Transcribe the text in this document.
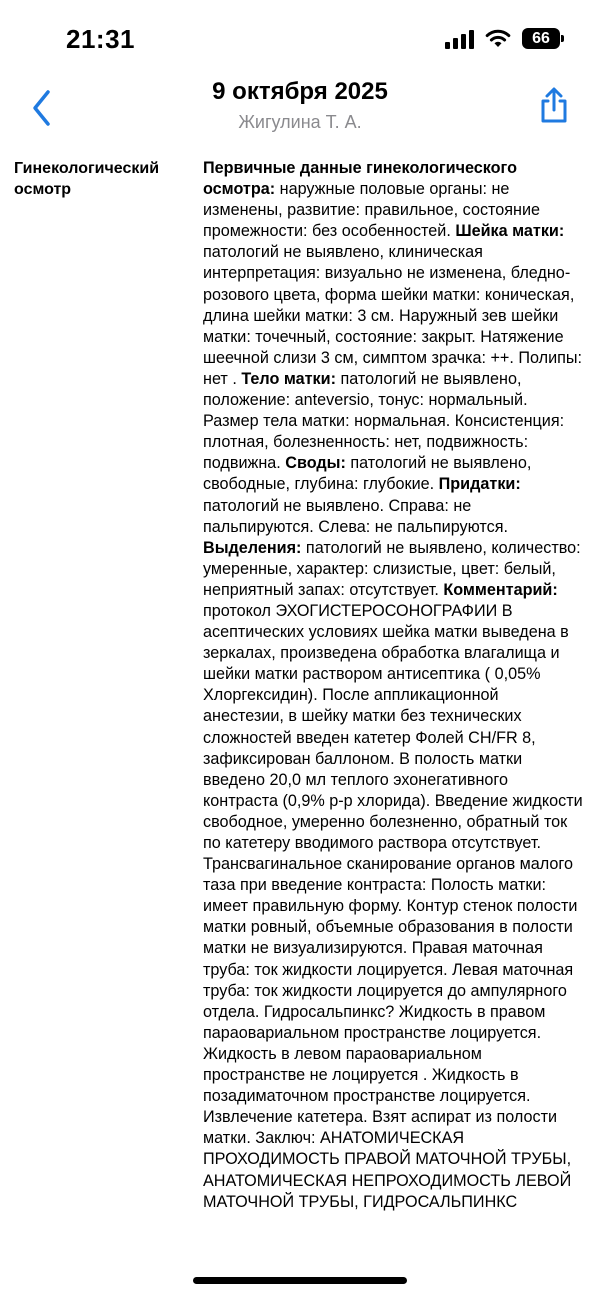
21:31	66
9 октября 2025
Жигулина Т. А.
Гинекологический осмотр
Первичные данные гинекологического осмотра: наружные половые органы: не изменены, развитие: правильное, состояние промежности: без особенностей. Шейка матки: патологий не выявлено, клиническая интерпретация: визуально не изменена, бледно-розового цвета, форма шейки матки: коническая, длина шейки матки: 3 см. Наружный зев шейки матки: точечный, состояние: закрыт. Натяжение шеечной слизи 3 см, симптом зрачка: ++. Полипы: нет . Тело матки: патологий не выявлено, положение: anteversio, тонус: нормальный. Размер тела матки: нормальная. Консистенция: плотная, болезненность: нет, подвижность: подвижна. Своды: патологий не выявлено, свободные, глубина: глубокие. Придатки: патологий не выявлено. Справа: не пальпируются. Слева: не пальпируются. Выделения: патологий не выявлено, количество: умеренные, характер: слизистые, цвет: белый, неприятный запах: отсутствует. Комментарий: протокол ЭХОГИСТЕРОСОНОГРАФИИ В асептических условиях шейка матки выведена в зеркалах, произведена обработка влагалища и шейки матки раствором антисептика ( 0,05% Хлоргексидин). После аппликационной анестезии, в шейку матки без технических сложностей введен катетер Фолей CH/FR 8, зафиксирован баллоном. В полость матки введено 20,0 мл теплого эхонегативного контраста (0,9% р-р хлорида). Введение жидкости свободное, умеренно болезненно, обратный ток по катетеру вводимого раствора отсутствует. Трансвагинальное сканирование органов малого таза при введение контраста: Полость матки: имеет правильную форму. Контур стенок полости матки ровный, объемные образования в полости матки не визуализируются. Правая маточная труба: ток жидкости лоцируется. Левая маточная труба: ток жидкости лоцируется до ампулярного отдела. Гидросальпинкс? Жидкость в правом параовариальном пространстве лоцируется. Жидкость в левом параовариальном пространстве не лоцируется . Жидкость в позадиматочном пространстве лоцируется. Извлечение катетера. Взят аспират из полости матки. Заключ: АНАТОМИЧЕСКАЯ ПРОХОДИМОСТЬ ПРАВОЙ МАТОЧНОЙ ТРУБЫ, АНАТОМИЧЕСКАЯ НЕПРОХОДИМОСТЬ ЛЕВОЙ МАТОЧНОЙ ТРУБЫ, ГИДРОСАЛЬПИНКС
